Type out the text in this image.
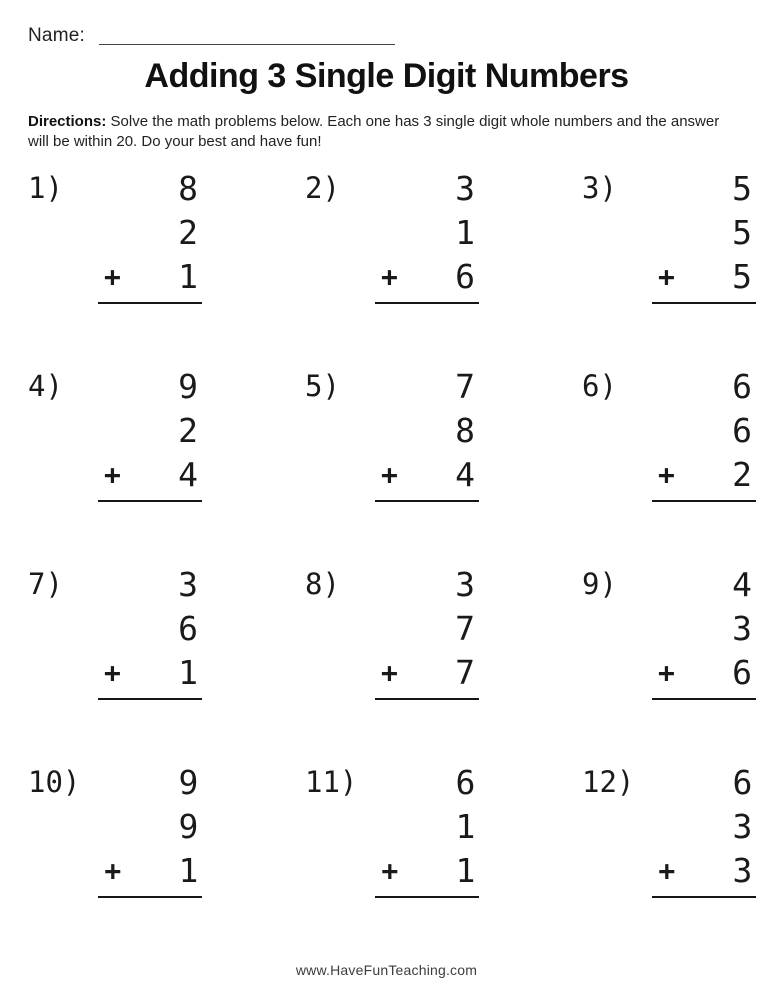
Name:
Adding 3 Single Digit Numbers
Directions: Solve the math problems below. Each one has 3 single digit whole numbers and the answer will be within 20. Do your best and have fun!
1)	8
2
+ 1
2)	3
1
+ 6
3)	5
5
+ 5
4)	9
2
+ 4
5)	7
8
+ 4
6)	6
6
+ 2
7)	3
6
+ 1
8)	3
7
+ 7
9)	4
3
+ 6
10)	9
9
+ 1
11)	6
1
+ 1
12)	6
3
+ 3
www.HaveFunTeaching.com
